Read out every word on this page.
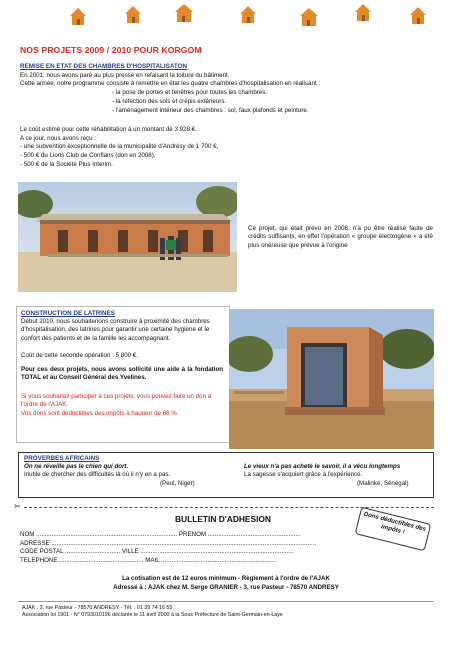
NOS PROJETS 2009 / 2010 POUR KORGOM
REMISE EN ETAT DES CHAMBRES D'HOSPITALISATON

En 2001, nous avons paré au plus pressé en refaisant la toiture du bâtiment.

Cette année, notre programme consiste à remettre en état les quatre chambres d'hospitalisation en réalisant :

- la pose de portes et fenêtres pour toutes les chambres.

- la réfection des sols et crépis extérieurs.

- l'aménagement intérieur des chambres : sol, faux plafonds et peinture.

Le coût estimé pour cette réhabilitation à un montant de 3 928 €.

A ce jour, nous avons reçu :

- une subvention exceptionnelle de la municipalité d'Andrésy de 1 700 €,

- 500 € du Lions Club de Conflans (don en 2008),

- 500 € de la Société Plus Intérim.

Ce projet, qui était prévu en 2008, n'a pu être réalisé faute de crédits suffisants, en effet l'opération « groupe électrogène » a été plus onéreuse que prévue à l'origine

CONSTRUCTION DE LATRINES

Début 2010, nous souhaiterions construire à proximité des chambres d'hospitalisation, des latrines pour garantir une certaine hygiène et le confort des patients et de la famille les accompagnant.

Coût de cette seconde opération : 5 800 €.

Pour ces deux projets, nous avons sollicité une aide à la fondation TOTAL et au Conseil Général des Yvelines.

Si vous souhaitez participer à ces projets, vous pouvez faire un don à l'ordre de l'AJAK.

Vos dons sont déductibles des impôts à hauteur de 66 %.

PROVERBES AFRICAINS

On ne réveille pas le chien qui dort.

Inutile de chercher des difficultés là où il n'y en a pas.

(Peul, Niger)

Le vieux n'a pas acheté le savoir, il a vécu longtemps

La sagesse s'acquiert grâce à l'expérience.

(Malinké, Sénégal)

✂
BULLETIN D'ADHESION	Dons déductibles des impôts !
NOM .................................................................................. PRENOM ......................................................
ADRESSE ..........................................................................................................................................................
CODE POSTAL ................................ VILLE .........................................................................................
TELEPHONE ................................................. MAIL ...................................................................

La cotisation est de 12 euros minimum - Règlement à l'ordre de l'AJAK

Adressé à : AJAK chez M. Serge GRANIER - 3, rue Pasteur - 78570 ANDRESY

AJAK : 3, rue Pasteur - 78570 ANDRESY - Tél. : 01 39 74 16 55

Association loi 1901 - N° 0793010196 déclarée le 11 avril 2000 à la Sous Préfecture de Saint-Germain-en-Laye
